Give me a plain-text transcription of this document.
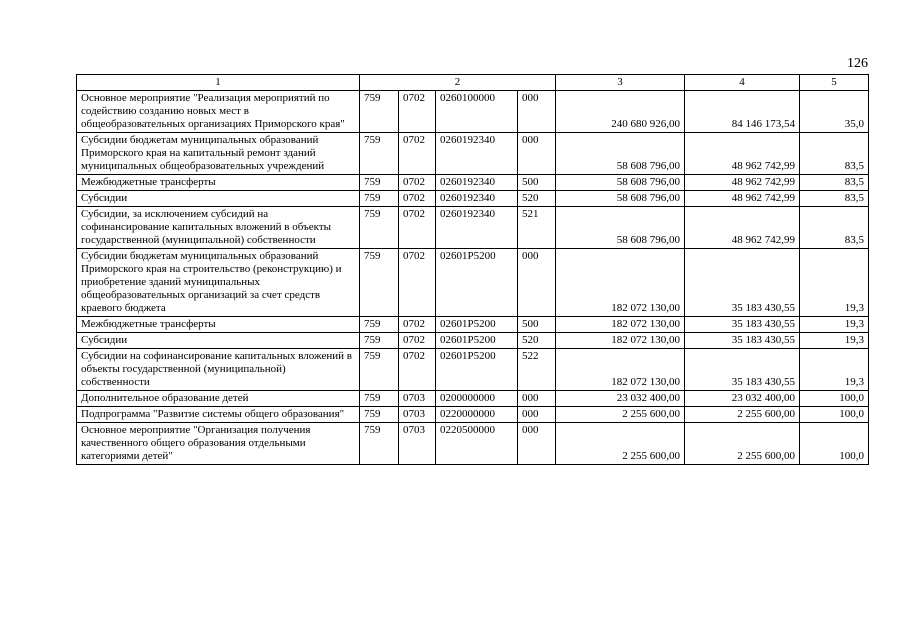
126
1	2				3	4	5
Основное мероприятие "Реализация мероприятий по содействию созданию новых мест в общеобразовательных организациях Приморского края"	759	0702	0260100000	000	240 680 926,00	84 146 173,54	35,0
Субсидии бюджетам муниципальных образований Приморского края на капитальный ремонт зданий муниципальных общеобразовательных учреждений	759	0702	0260192340	000	58 608 796,00	48 962 742,99	83,5
Межбюджетные трансферты	759	0702	0260192340	500	58 608 796,00	48 962 742,99	83,5
Субсидии	759	0702	0260192340	520	58 608 796,00	48 962 742,99	83,5
Субсидии, за исключением субсидий на софинансирование капитальных вложений в объекты государственной (муниципальной) собственности	759	0702	0260192340	521	58 608 796,00	48 962 742,99	83,5
Субсидии бюджетам муниципальных образований Приморского края на строительство (реконструкцию) и приобретение зданий муниципальных общеобразовательных организаций за счет средств краевого бюджета	759	0702	02601P5200	000	182 072 130,00	35 183 430,55	19,3
Межбюджетные трансферты	759	0702	02601P5200	500	182 072 130,00	35 183 430,55	19,3
Субсидии	759	0702	02601P5200	520	182 072 130,00	35 183 430,55	19,3
Субсидии на софинансирование капитальных вложений в объекты государственной (муниципальной) собственности	759	0702	02601P5200	522	182 072 130,00	35 183 430,55	19,3
Дополнительное образование детей	759	0703	0200000000	000	23 032 400,00	23 032 400,00	100,0
Подпрограмма "Развитие системы общего образования"	759	0703	0220000000	000	2 255 600,00	2 255 600,00	100,0
Основное мероприятие "Организация получения качественного общего образования отдельными категориями детей"	759	0703	0220500000	000	2 255 600,00	2 255 600,00	100,0
